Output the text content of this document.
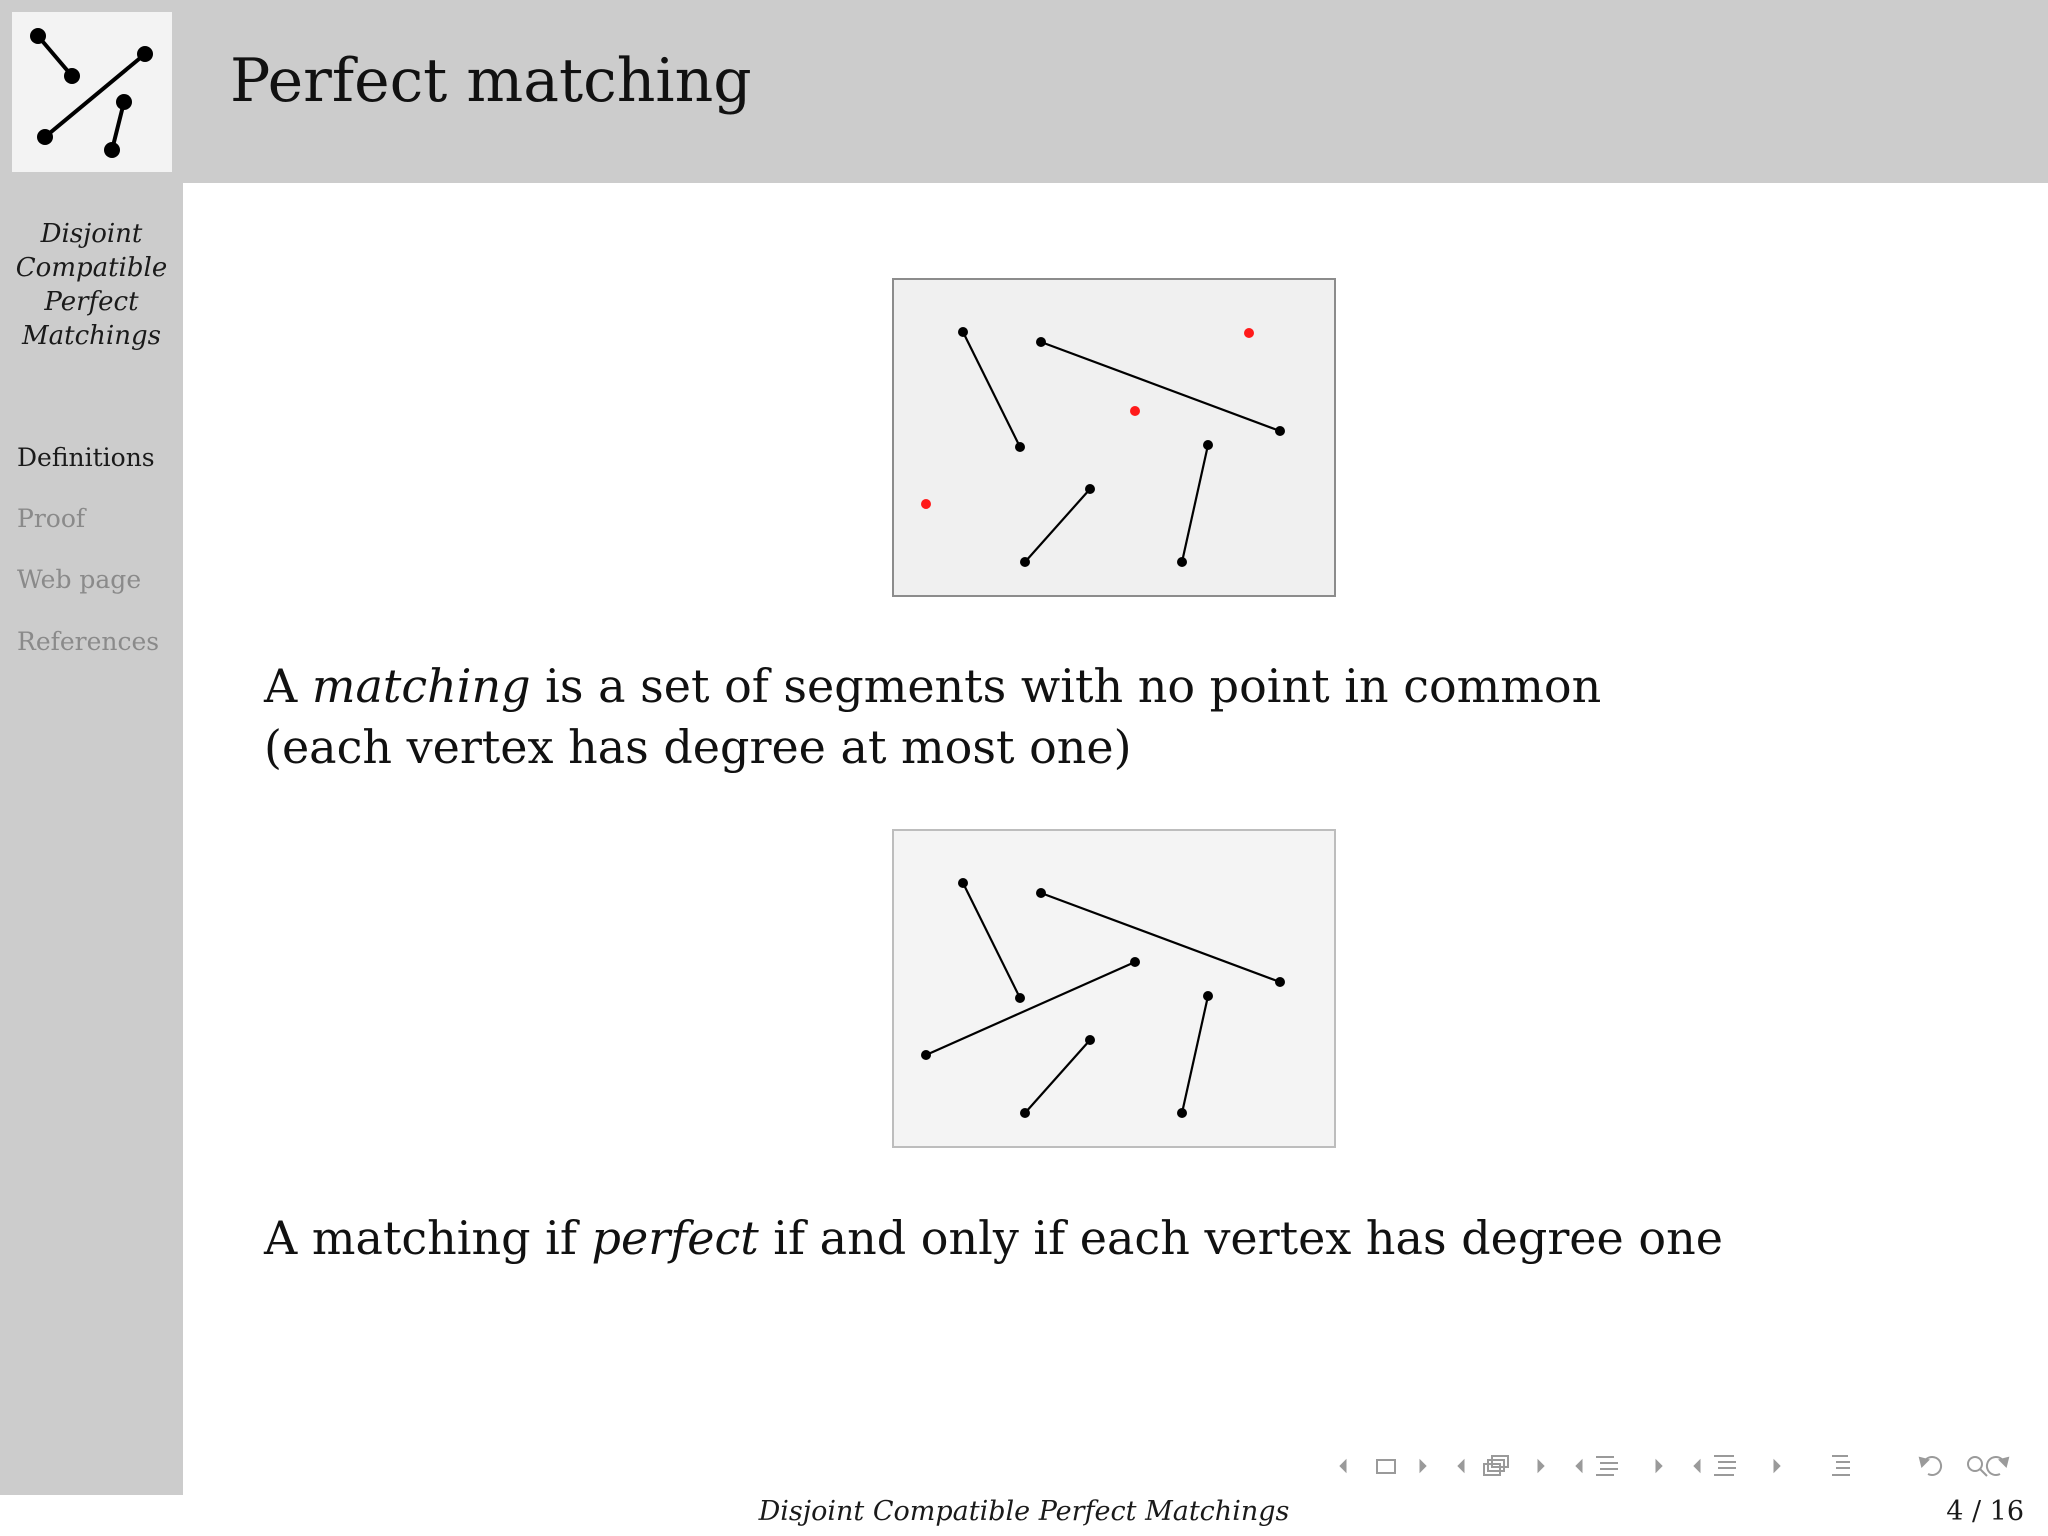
Perfect matching
Disjoint
Compatible
Perfect
Matchings
Definitions
Proof
Web page
References
A matching is a set of segments with no point in common
(each vertex has degree at most one)
A matching if perfect if and only if each vertex has degree one
Disjoint Compatible Perfect Matchings	4 / 16
